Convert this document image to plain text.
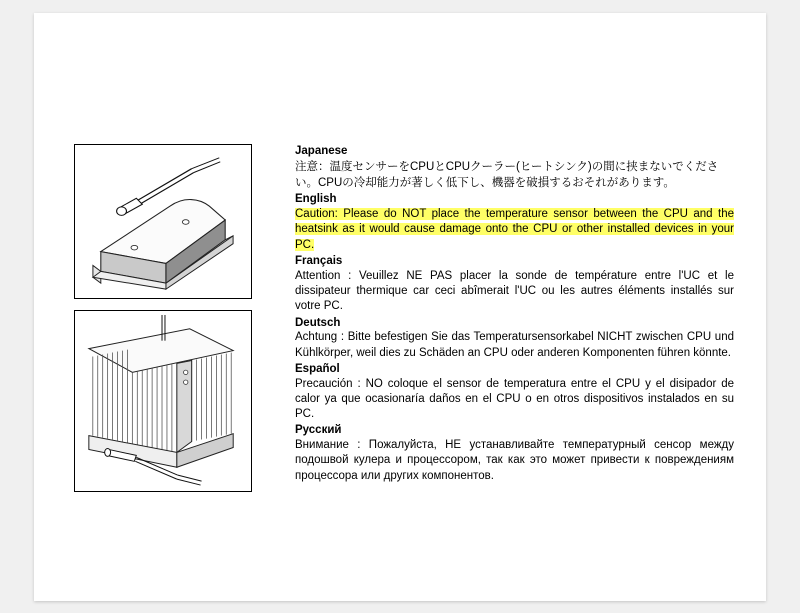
Japanese

注意：温度センサーをCPUとCPUクーラー(ヒートシンク)の間に挟まないでください。CPUの冷却能力が著しく低下し、機器を破損するおそれがあります。

English

Caution: Please do NOT place the temperature sensor between the CPU and the heatsink as it would cause damage onto the CPU or other installed devices in your PC.

Français

Attention : Veuillez NE PAS placer la sonde de température entre l'UC et le dissipateur thermique car ceci abîmerait l'UC ou les autres éléments installés sur votre PC.

Deutsch

Achtung : Bitte befestigen Sie das Temperatursensorkabel NICHT zwischen CPU und Kühlkörper, weil dies zu Schäden an CPU oder anderen Komponenten führen könnte.

Español

Precaución : NO coloque el sensor de temperatura entre el CPU y el disipador de calor ya que ocasionaría daños en el CPU o en otros dispositivos instalados en su PC.

Русский

Внимание : Пожалуйста, НЕ устанавливайте температурный сенсор между подошвой кулера и процессором, так как это может привести к повреждениям процессора или других компонентов.
